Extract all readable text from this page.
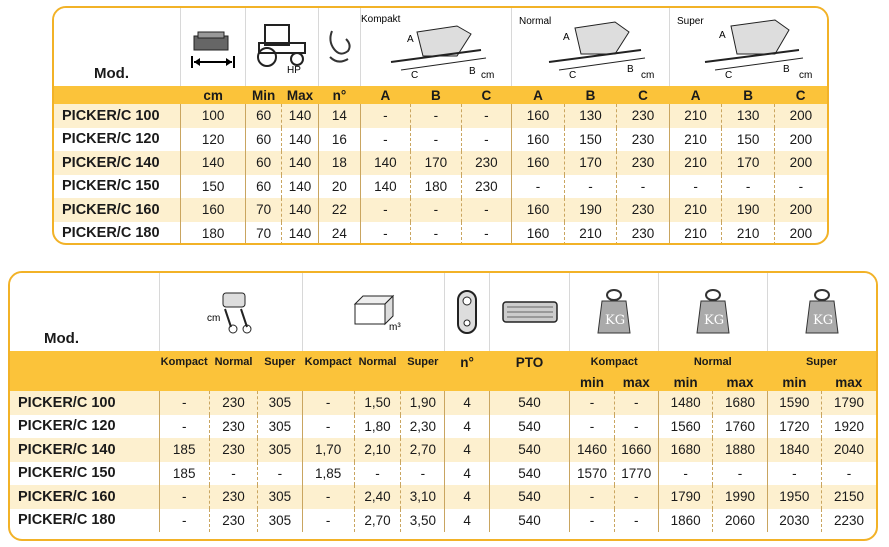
Mod.		HP			Kompakt
A
C B cm			Normal
A
C
B
cm			Super
A
C
B
cm		

	cm	Min	Max	n°	A	B	C	A	B	C	A	B	C
PICKER/C 100	100	60	140	14	-	-	-	160	130	230	210	130	200
PICKER/C 120	120	60	140	16	-	-	-	160	150	230	210	150	200
PICKER/C 140	140	60	140	18	140	170	230	160	170	230	210	170	200
PICKER/C 150	150	60	140	20	140	180	230	-	-	-	-	-	-
PICKER/C 160	160	70	140	22	-	-	-	160	190	230	210	190	200
PICKER/C 180	180	70	140	24	-	-	-	160	210	230	210	210	200
Mod.	cm			m³					KG		KG		KG	

	Kompact	Normal	Super	Kompact	Normal	Super	n°	PTO	Kompact		Normal		Super	
									min	max	min	max	min	max
PICKER/C 100	-	230	305	-	1,50	1,90	4	540	-	-	1480	1680	1590	1790
PICKER/C 120	-	230	305	-	1,80	2,30	4	540	-	-	1560	1760	1720	1920
PICKER/C 140	185	230	305	1,70	2,10	2,70	4	540	1460	1660	1680	1880	1840	2040
PICKER/C 150	185	-	-	1,85	-	-	4	540	1570	1770	-	-	-	-
PICKER/C 160	-	230	305	-	2,40	3,10	4	540	-	-	1790	1990	1950	2150
PICKER/C 180	-	230	305	-	2,70	3,50	4	540	-	-	1860	2060	2030	2230
